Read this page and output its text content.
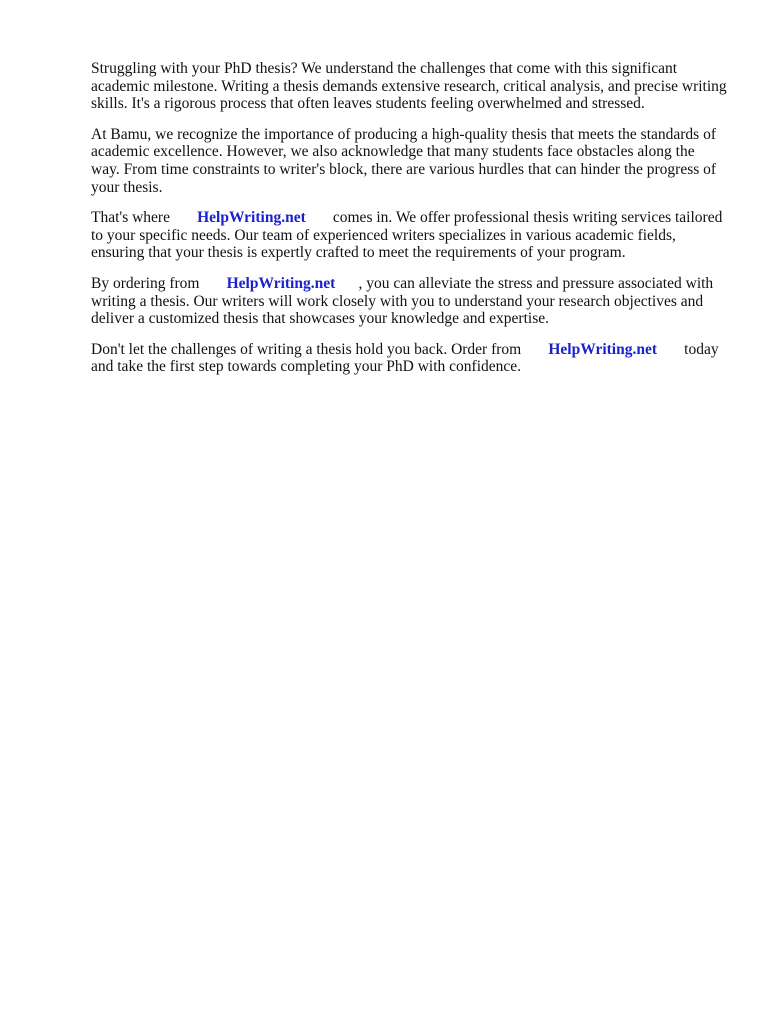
Struggling with your PhD thesis? We understand the challenges that come with this significant
academic milestone. Writing a thesis demands extensive research, critical analysis, and precise writing
skills. It's a rigorous process that often leaves students feeling overwhelmed and stressed.

At Bamu, we recognize the importance of producing a high-quality thesis that meets the standards of
academic excellence. However, we also acknowledge that many students face obstacles along the
way. From time constraints to writer's block, there are various hurdles that can hinder the progress of
your thesis.

That's where       HelpWriting.net       comes in. We offer professional thesis writing services tailored
to your specific needs. Our team of experienced writers specializes in various academic fields,
ensuring that your thesis is expertly crafted to meet the requirements of your program.

By ordering from       HelpWriting.net      , you can alleviate the stress and pressure associated with
writing a thesis. Our writers will work closely with you to understand your research objectives and
deliver a customized thesis that showcases your knowledge and expertise.

Don't let the challenges of writing a thesis hold you back. Order from       HelpWriting.net       today
and take the first step towards completing your PhD with confidence.
